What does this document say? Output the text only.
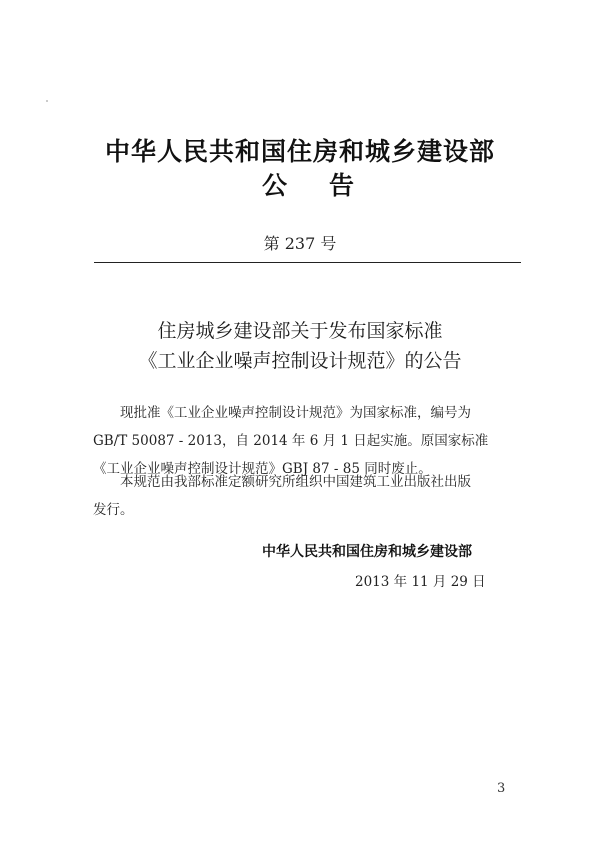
中华人民共和国住房和城乡建设部
公 告
第 237 号
住房城乡建设部关于发布国家标准
《工业企业噪声控制设计规范》的公告
现批准《工业企业噪声控制设计规范》为国家标准，编号为
GB/T 50087 - 2013，自 2014 年 6 月 1 日起实施。原国家标准
《工业企业噪声控制设计规范》GBJ 87 - 85 同时废止。
本规范由我部标准定额研究所组织中国建筑工业出版社出版
发行。
中华人民共和国住房和城乡建设部
2013 年 11 月 29 日
3
